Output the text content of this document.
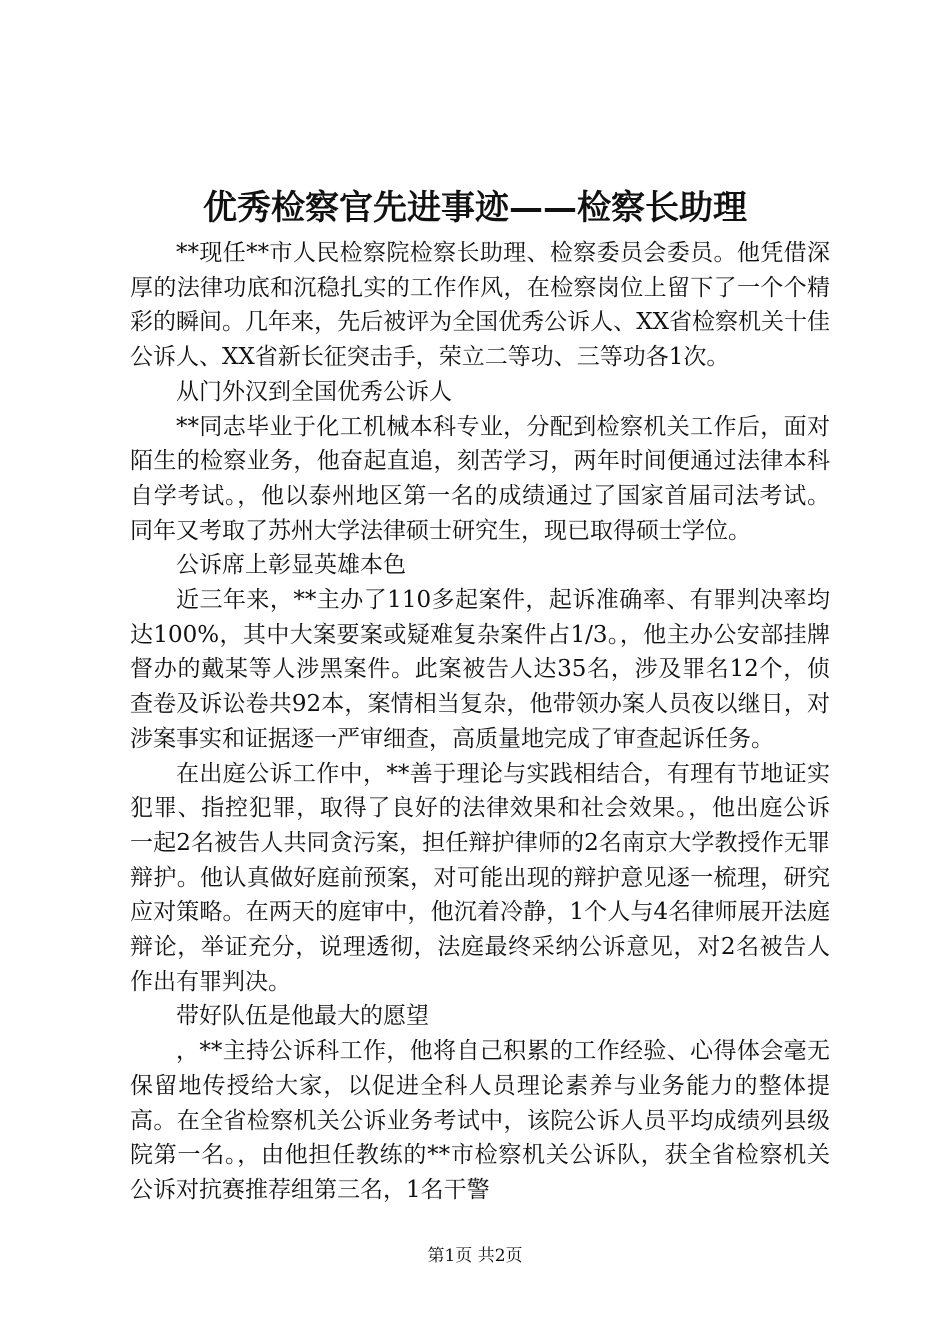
优秀检察官先进事迹——检察长助理

**现任**市人民检察院检察长助理、检察委员会委员。他凭借深厚的法律功底和沉稳扎实的工作作风，在检察岗位上留下了一个个精彩的瞬间。几年来，先后被评为全国优秀公诉人、XX省检察机关十佳公诉人、XX省新长征突击手，荣立二等功、三等功各1次。

从门外汉到全国优秀公诉人

**同志毕业于化工机械本科专业，分配到检察机关工作后，面对陌生的检察业务，他奋起直追，刻苦学习，两年时间便通过法律本科自学考试。，他以泰州地区第一名的成绩通过了国家首届司法考试。同年又考取了苏州大学法律硕士研究生，现已取得硕士学位。

公诉席上彰显英雄本色

近三年来，**主办了110多起案件，起诉准确率、有罪判决率均达100%，其中大案要案或疑难复杂案件占1/3。，他主办公安部挂牌督办的戴某等人涉黑案件。此案被告人达35名，涉及罪名12个，侦查卷及诉讼卷共92本，案情相当复杂，他带领办案人员夜以继日，对涉案事实和证据逐一严审细查，高质量地完成了审查起诉任务。

在出庭公诉工作中，**善于理论与实践相结合，有理有节地证实犯罪、指控犯罪，取得了良好的法律效果和社会效果。，他出庭公诉一起2名被告人共同贪污案，担任辩护律师的2名南京大学教授作无罪辩护。他认真做好庭前预案，对可能出现的辩护意见逐一梳理，研究应对策略。在两天的庭审中，他沉着冷静，1个人与4名律师展开法庭辩论，举证充分，说理透彻，法庭最终采纳公诉意见，对2名被告人作出有罪判决。

带好队伍是他最大的愿望

，**主持公诉科工作，他将自己积累的工作经验、心得体会毫无保留地传授给大家，以促进全科人员理论素养与业务能力的整体提高。在全省检察机关公诉业务考试中，该院公诉人员平均成绩列县级院第一名。，由他担任教练的**市检察机关公诉队，获全省检察机关公诉对抗赛推荐组第三名，1名干警

第1页 共2页
